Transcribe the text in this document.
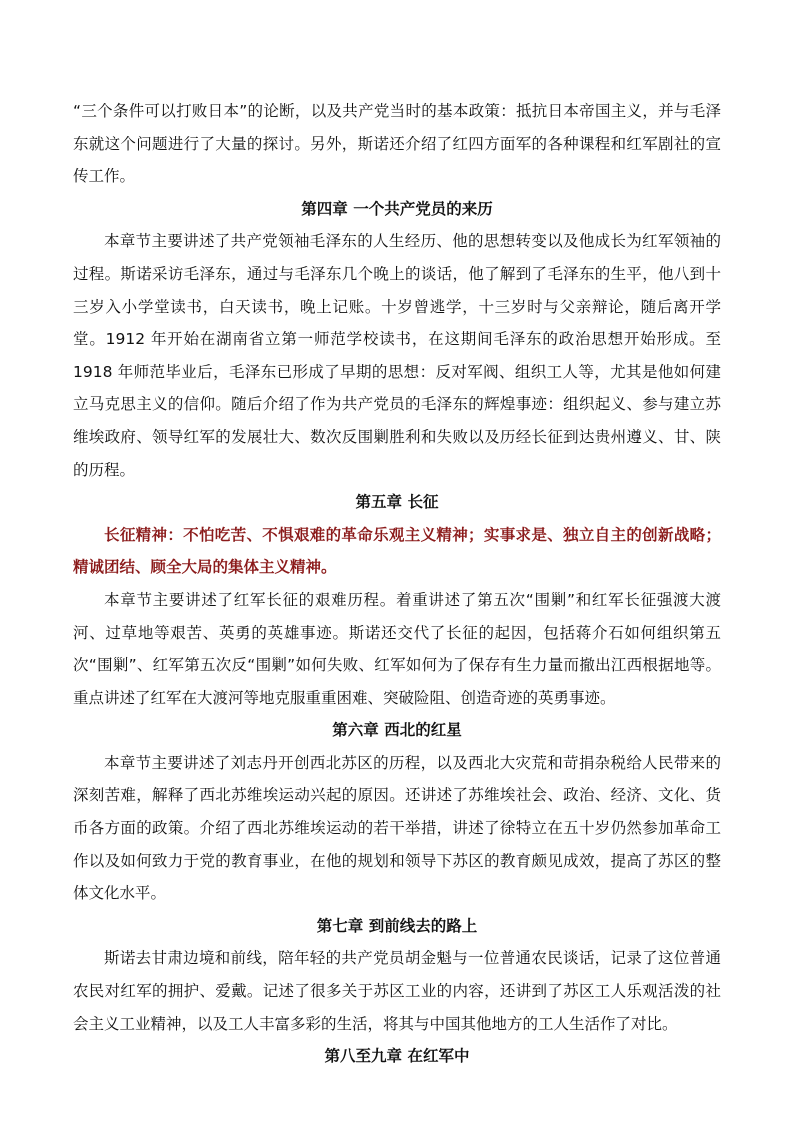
“三个条件可以打败日本”的论断，以及共产党当时的基本政策：抵抗日本帝国主义，并与毛泽东就这个问题进行了大量的探讨。另外，斯诺还介绍了红四方面军的各种课程和红军剧社的宣传工作。

第四章 一个共产党员的来历

本章节主要讲述了共产党领袖毛泽东的人生经历、他的思想转变以及他成长为红军领袖的过程。斯诺采访毛泽东，通过与毛泽东几个晚上的谈话，他了解到了毛泽东的生平，他八到十三岁入小学堂读书，白天读书，晚上记账。十岁曾逃学，十三岁时与父亲辩论，随后离开学堂。1912 年开始在湖南省立第一师范学校读书，在这期间毛泽东的政治思想开始形成。至 1918 年师范毕业后，毛泽东已形成了早期的思想：反对军阀、组织工人等，尤其是他如何建立马克思主义的信仰。随后介绍了作为共产党员的毛泽东的辉煌事迹：组织起义、参与建立苏维埃政府、领导红军的发展壮大、数次反围剿胜利和失败以及历经长征到达贵州遵义、甘、陕的历程。

第五章 长征

长征精神：不怕吃苦、不惧艰难的革命乐观主义精神；实事求是、独立自主的创新战略；精诚团结、顾全大局的集体主义精神。

本章节主要讲述了红军长征的艰难历程。着重讲述了第五次“围剿”和红军长征强渡大渡河、过草地等艰苦、英勇的英雄事迹。斯诺还交代了长征的起因，包括蒋介石如何组织第五次“围剿”、红军第五次反“围剿”如何失败、红军如何为了保存有生力量而撤出江西根据地等。重点讲述了红军在大渡河等地克服重重困难、突破险阻、创造奇迹的英勇事迹。

第六章 西北的红星

本章节主要讲述了刘志丹开创西北苏区的历程，以及西北大灾荒和苛捐杂税给人民带来的深刻苦难，解释了西北苏维埃运动兴起的原因。还讲述了苏维埃社会、政治、经济、文化、货币各方面的政策。介绍了西北苏维埃运动的若干举措，讲述了徐特立在五十岁仍然参加革命工作以及如何致力于党的教育事业，在他的规划和领导下苏区的教育颇见成效，提高了苏区的整体文化水平。

第七章 到前线去的路上

斯诺去甘肃边境和前线，陪年轻的共产党员胡金魁与一位普通农民谈话，记录了这位普通农民对红军的拥护、爱戴。记述了很多关于苏区工业的内容，还讲到了苏区工人乐观活泼的社会主义工业精神，以及工人丰富多彩的生活，将其与中国其他地方的工人生活作了对比。

第八至九章 在红军中
